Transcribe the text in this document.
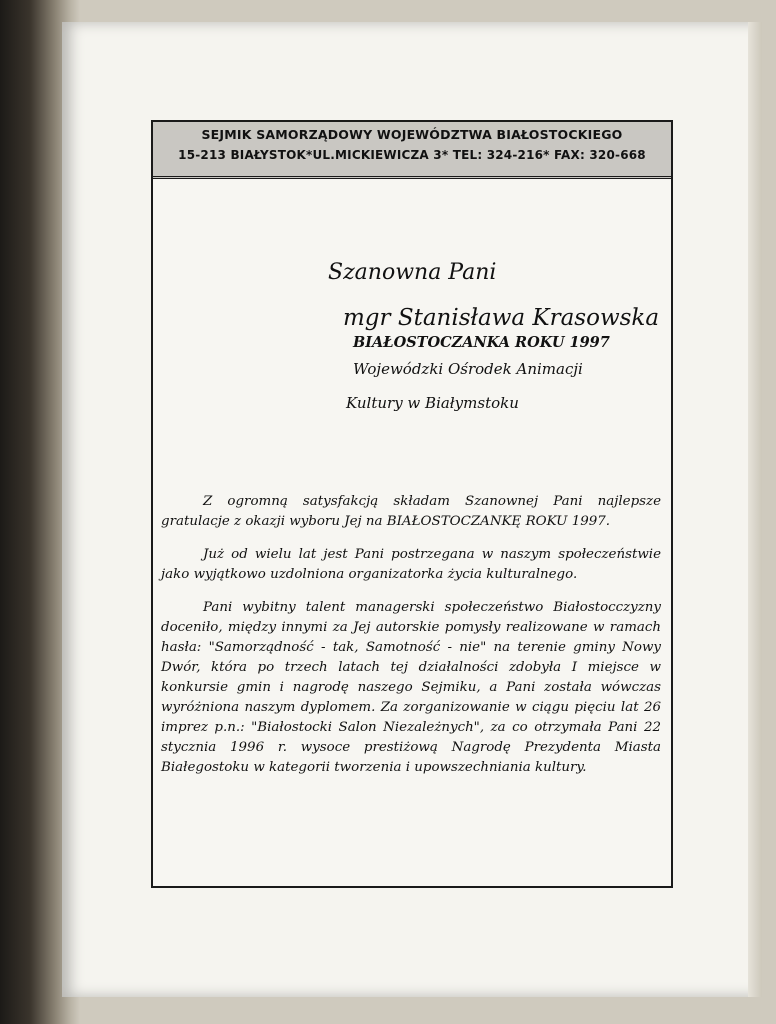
SEJMIK SAMORZĄDOWY WOJEWÓDZTWA BIAŁOSTOCKIEGO
15-213 BIAŁYSTOK*UL.MICKIEWICZA 3* TEL: 324-216* FAX: 320-668
Szanowna Pani
mgr Stanisława Krasowska
BIAŁOSTOCZANKA ROKU 1997
Wojewódzki Ośrodek Animacji
Kultury w Białymstoku

Z ogromną satysfakcją składam Szanownej Pani najlepsze gratulacje z okazji wyboru Jej na BIAŁOSTOCZANKĘ ROKU 1997.

Już od wielu lat jest Pani postrzegana w naszym społeczeństwie jako wyjątkowo uzdolniona organizatorka życia kulturalnego.

Pani wybitny talent managerski społeczeństwo Białostocczyzny doceniło, między innymi za Jej autorskie pomysły realizowane w ramach hasła: "Samorządność - tak, Samotność - nie" na terenie gminy Nowy Dwór, która po trzech latach tej działalności zdobyła I miejsce w konkursie gmin i nagrodę naszego Sejmiku, a Pani została wówczas wyróżniona naszym dyplomem. Za zorganizowanie w ciągu pięciu lat 26 imprez p.n.: "Białostocki Salon Niezależnych", za co otrzymała Pani 22 stycznia 1996 r. wysoce prestiżową Nagrodę Prezydenta Miasta Białegostoku w kategorii tworzenia i upowszechniania kultury.
